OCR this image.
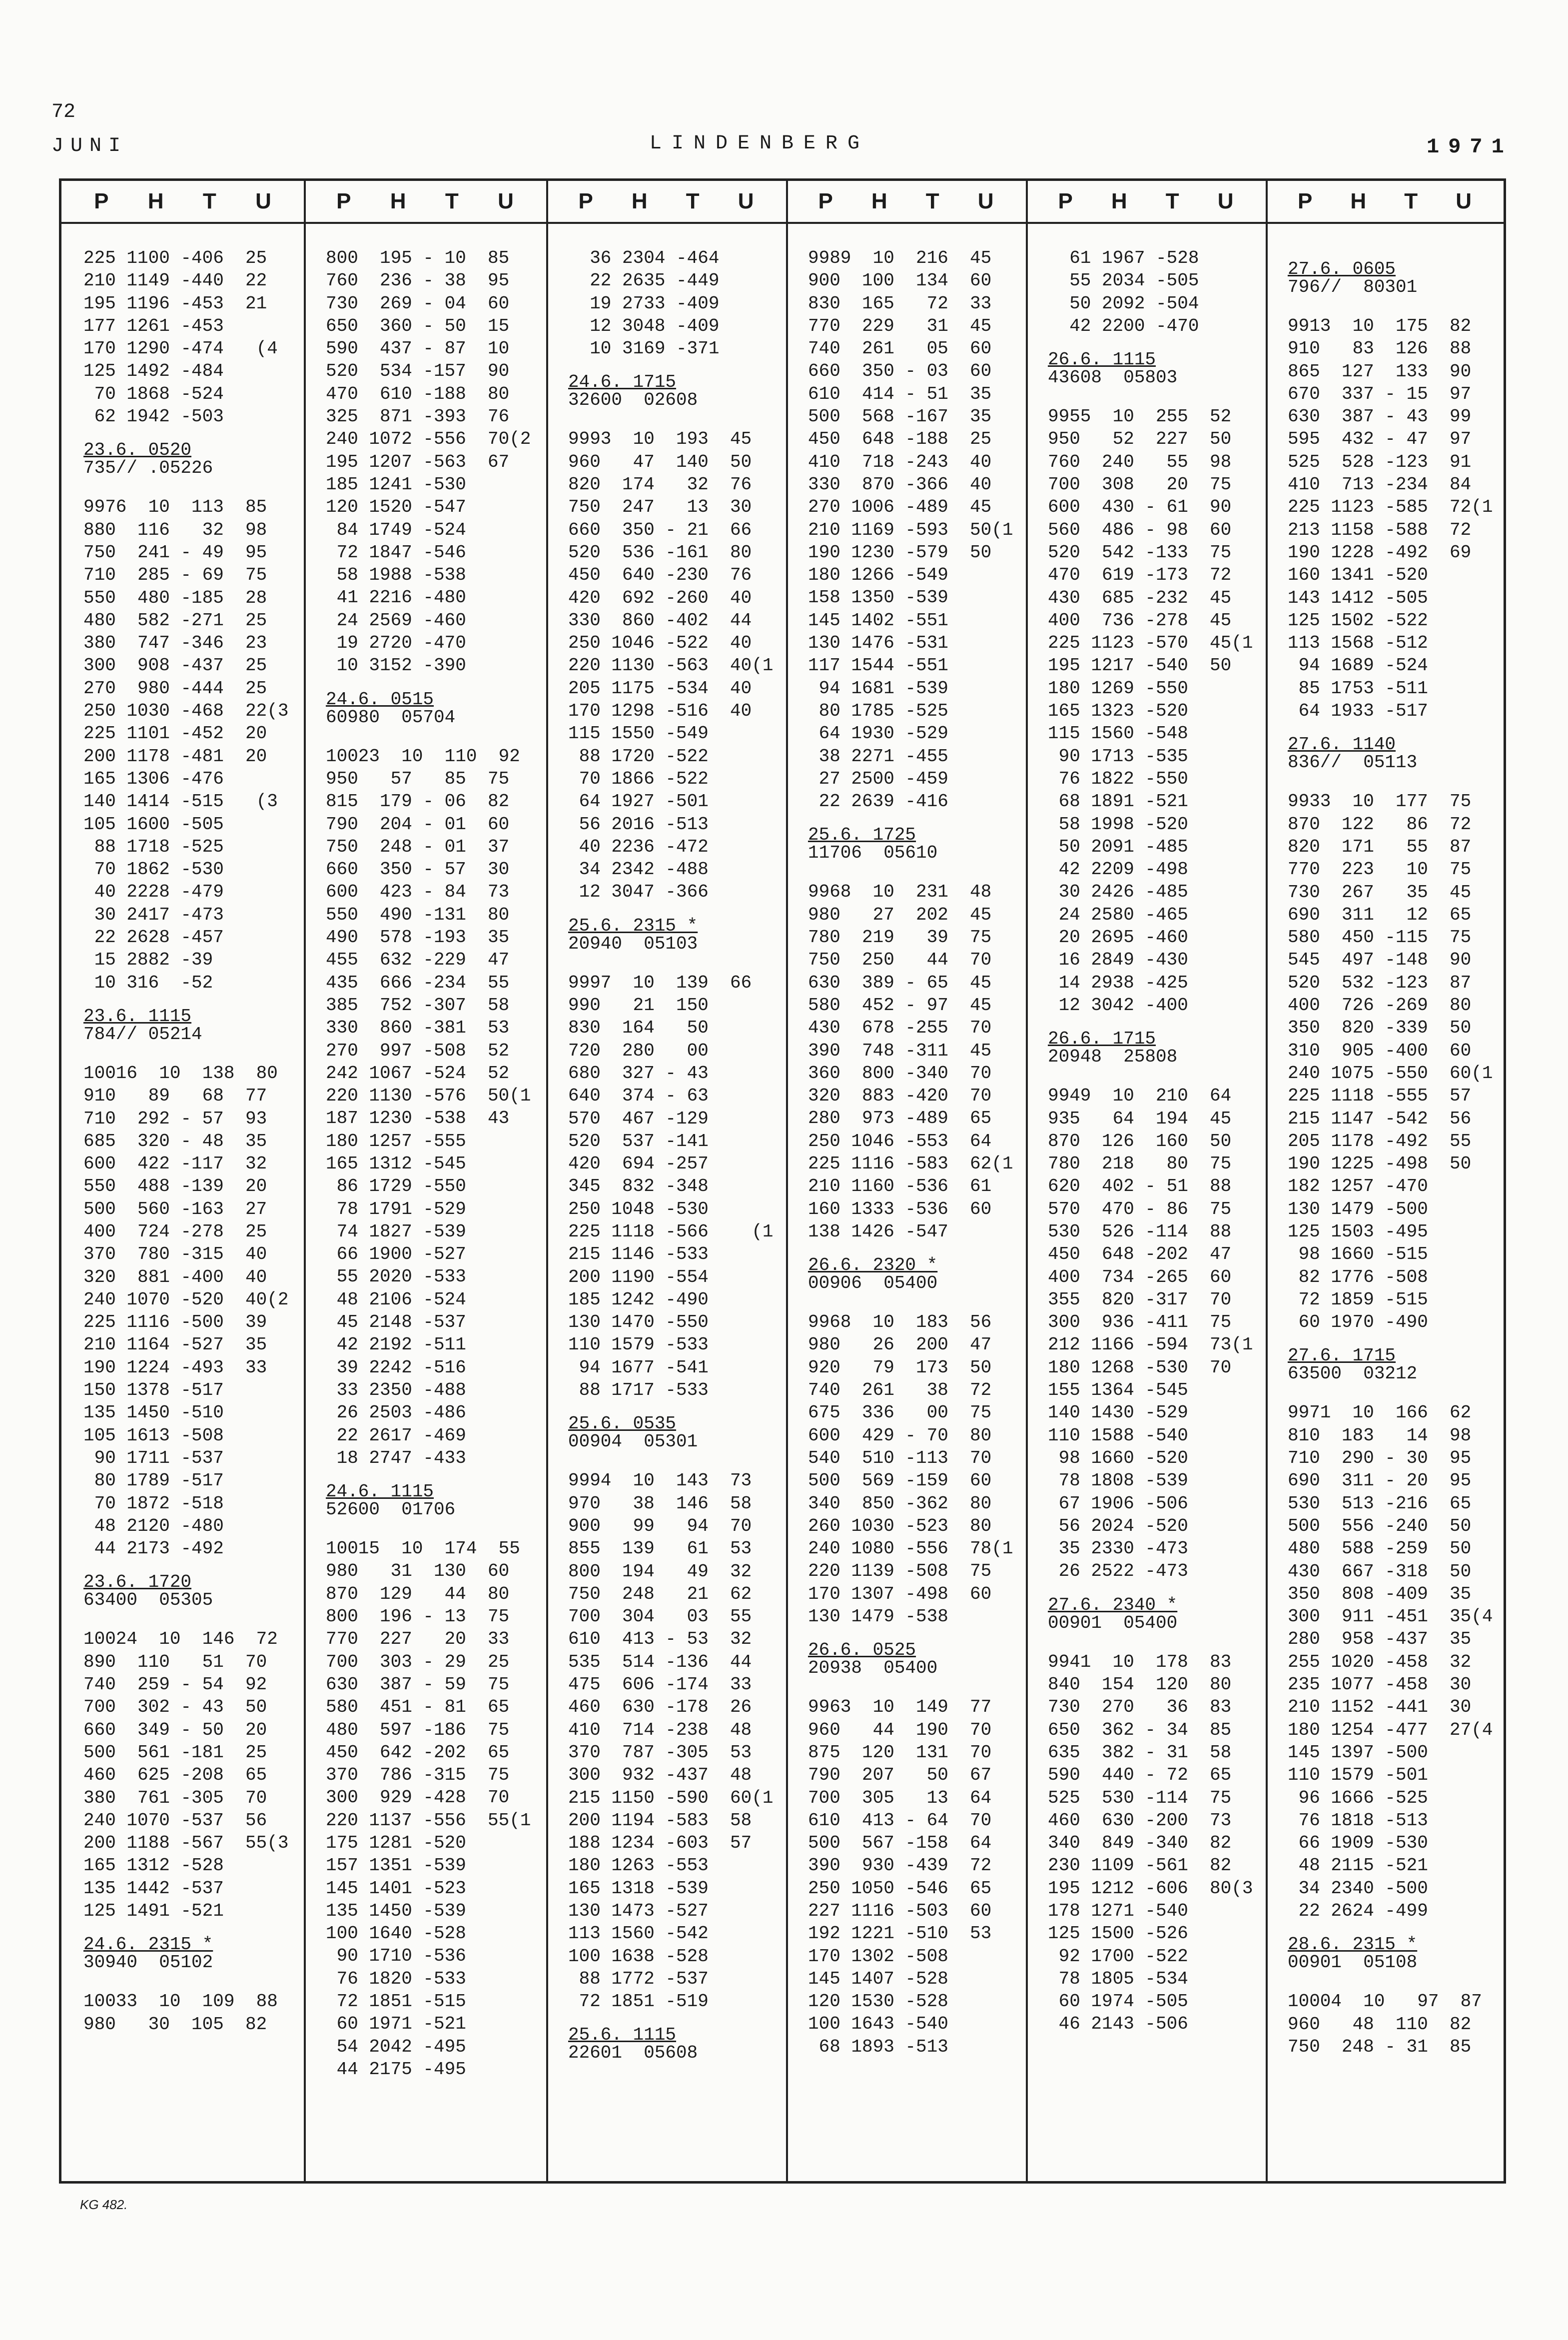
72
JUNI	LINDENBERG	1971
P H T U
225 1100 -406  25
210 1149 -440  22
195 1196 -453  21
177 1261 -453
170 1290 -474   (4
125 1492 -484
70 1868 -524
62 1942 -503
23.6. 0520
735// .05226
9976  10  113  85
880  116   32  98
750  241 - 49  95
710  285 - 69  75
550  480 -185  28
480  582 -271  25
380  747 -346  23
300  908 -437  25
270  980 -444  25
250 1030 -468  22(3
225 1101 -452  20
200 1178 -481  20
165 1306 -476
140 1414 -515   (3
105 1600 -505
88 1718 -525
70 1862 -530
40 2228 -479
30 2417 -473
22 2628 -457
15 2882 -39
10 316  -52
23.6. 1115
784// 05214
10016  10  138  80
910   89   68  77
710  292 - 57  93
685  320 - 48  35
600  422 -117  32
550  488 -139  20
500  560 -163  27
400  724 -278  25
370  780 -315  40
320  881 -400  40
240 1070 -520  40(2
225 1116 -500  39
210 1164 -527  35
190 1224 -493  33
150 1378 -517
135 1450 -510
105 1613 -508
90 1711 -537
80 1789 -517
70 1872 -518
48 2120 -480
44 2173 -492
23.6. 1720
63400  05305
10024  10  146  72
890  110   51  70
740  259 - 54  92
700  302 - 43  50
660  349 - 50  20
500  561 -181  25
460  625 -208  65
380  761 -305  70
240 1070 -537  56
200 1188 -567  55(3
165 1312 -528
135 1442 -537
125 1491 -521
24.6. 2315 *
30940  05102
10033  10  109  88
980   30  105  82
P H T U
800  195 - 10  85
760  236 - 38  95
730  269 - 04  60
650  360 - 50  15
590  437 - 87  10
520  534 -157  90
470  610 -188  80
325  871 -393  76
240 1072 -556  70(2
195 1207 -563  67
185 1241 -530
120 1520 -547
84 1749 -524
72 1847 -546
58 1988 -538
41 2216 -480
24 2569 -460
19 2720 -470
10 3152 -390
24.6. 0515
60980  05704
10023  10  110  92
950   57   85  75
815  179 - 06  82
790  204 - 01  60
750  248 - 01  37
660  350 - 57  30
600  423 - 84  73
550  490 -131  80
490  578 -193  35
455  632 -229  47
435  666 -234  55
385  752 -307  58
330  860 -381  53
270  997 -508  52
242 1067 -524  52
220 1130 -576  50(1
187 1230 -538  43
180 1257 -555
165 1312 -545
86 1729 -550
78 1791 -529
74 1827 -539
66 1900 -527
55 2020 -533
48 2106 -524
45 2148 -537
42 2192 -511
39 2242 -516
33 2350 -488
26 2503 -486
22 2617 -469
18 2747 -433
24.6. 1115
52600  01706
10015  10  174  55
980   31  130  60
870  129   44  80
800  196 - 13  75
770  227   20  33
700  303 - 29  25
630  387 - 59  75
580  451 - 81  65
480  597 -186  75
450  642 -202  65
370  786 -315  75
300  929 -428  70
220 1137 -556  55(1
175 1281 -520
157 1351 -539
145 1401 -523
135 1450 -539
100 1640 -528
90 1710 -536
76 1820 -533
72 1851 -515
60 1971 -521
54 2042 -495
44 2175 -495
P H T U
36 2304 -464
22 2635 -449
19 2733 -409
12 3048 -409
10 3169 -371
24.6. 1715
32600  02608
9993  10  193  45
960   47  140  50
820  174   32  76
750  247   13  30
660  350 - 21  66
520  536 -161  80
450  640 -230  76
420  692 -260  40
330  860 -402  44
250 1046 -522  40
220 1130 -563  40(1
205 1175 -534  40
170 1298 -516  40
115 1550 -549
88 1720 -522
70 1866 -522
64 1927 -501
56 2016 -513
40 2236 -472
34 2342 -488
12 3047 -366
25.6. 2315 *
20940  05103
9997  10  139  66
990   21  150
830  164   50
720  280   00
680  327 - 43
640  374 - 63
570  467 -129
520  537 -141
420  694 -257
345  832 -348
250 1048 -530
225 1118 -566    (1
215 1146 -533
200 1190 -554
185 1242 -490
130 1470 -550
110 1579 -533
94 1677 -541
88 1717 -533
25.6. 0535
00904  05301
9994  10  143  73
970   38  146  58
900   99   94  70
855  139   61  53
800  194   49  32
750  248   21  62
700  304   03  55
610  413 - 53  32
535  514 -136  44
475  606 -174  33
460  630 -178  26
410  714 -238  48
370  787 -305  53
300  932 -437  48
215 1150 -590  60(1
200 1194 -583  58
188 1234 -603  57
180 1263 -553
165 1318 -539
130 1473 -527
113 1560 -542
100 1638 -528
88 1772 -537
72 1851 -519
25.6. 1115
22601  05608
P H T U
9989  10  216  45
900  100  134  60
830  165   72  33
770  229   31  45
740  261   05  60
660  350 - 03  60
610  414 - 51  35
500  568 -167  35
450  648 -188  25
410  718 -243  40
330  870 -366  40
270 1006 -489  45
210 1169 -593  50(1
190 1230 -579  50
180 1266 -549
158 1350 -539
145 1402 -551
130 1476 -531
117 1544 -551
94 1681 -539
80 1785 -525
64 1930 -529
38 2271 -455
27 2500 -459
22 2639 -416
25.6. 1725
11706  05610
9968  10  231  48
980   27  202  45
780  219   39  75
750  250   44  70
630  389 - 65  45
580  452 - 97  45
430  678 -255  70
390  748 -311  45
360  800 -340  70
320  883 -420  70
280  973 -489  65
250 1046 -553  64
225 1116 -583  62(1
210 1160 -536  61
160 1333 -536  60
138 1426 -547
26.6. 2320 *
00906  05400
9968  10  183  56
980   26  200  47
920   79  173  50
740  261   38  72
675  336   00  75
600  429 - 70  80
540  510 -113  70
500  569 -159  60
340  850 -362  80
260 1030 -523  80
240 1080 -556  78(1
220 1139 -508  75
170 1307 -498  60
130 1479 -538
26.6. 0525
20938  05400
9963  10  149  77
960   44  190  70
875  120  131  70
790  207   50  67
700  305   13  64
610  413 - 64  70
500  567 -158  64
390  930 -439  72
250 1050 -546  65
227 1116 -503  60
192 1221 -510  53
170 1302 -508
145 1407 -528
120 1530 -528
100 1643 -540
68 1893 -513
P H T U
61 1967 -528
55 2034 -505
50 2092 -504
42 2200 -470
26.6. 1115
43608  05803
9955  10  255  52
950   52  227  50
760  240   55  98
700  308   20  75
600  430 - 61  90
560  486 - 98  60
520  542 -133  75
470  619 -173  72
430  685 -232  45
400  736 -278  45
225 1123 -570  45(1
195 1217 -540  50
180 1269 -550
165 1323 -520
115 1560 -548
90 1713 -535
76 1822 -550
68 1891 -521
58 1998 -520
50 2091 -485
42 2209 -498
30 2426 -485
24 2580 -465
20 2695 -460
16 2849 -430
14 2938 -425
12 3042 -400
26.6. 1715
20948  25808
9949  10  210  64
935   64  194  45
870  126  160  50
780  218   80  75
620  402 - 51  88
570  470 - 86  75
530  526 -114  88
450  648 -202  47
400  734 -265  60
355  820 -317  70
300  936 -411  75
212 1166 -594  73(1
180 1268 -530  70
155 1364 -545
140 1430 -529
110 1588 -540
98 1660 -520
78 1808 -539
67 1906 -506
56 2024 -520
35 2330 -473
26 2522 -473
27.6. 2340 *
00901  05400
9941  10  178  83
840  154  120  80
730  270   36  83
650  362 - 34  85
635  382 - 31  58
590  440 - 72  65
525  530 -114  75
460  630 -200  73
340  849 -340  82
230 1109 -561  82
195 1212 -606  80(3
178 1271 -540
125 1500 -526
92 1700 -522
78 1805 -534
60 1974 -505
46 2143 -506
P H T U
27.6. 0605
796//  80301
9913  10  175  82
910   83  126  88
865  127  133  90
670  337 - 15  97
630  387 - 43  99
595  432 - 47  97
525  528 -123  91
410  713 -234  84
225 1123 -585  72(1
213 1158 -588  72
190 1228 -492  69
160 1341 -520
143 1412 -505
125 1502 -522
113 1568 -512
94 1689 -524
85 1753 -511
64 1933 -517
27.6. 1140
836//  05113
9933  10  177  75
870  122   86  72
820  171   55  87
770  223   10  75
730  267   35  45
690  311   12  65
580  450 -115  75
545  497 -148  90
520  532 -123  87
400  726 -269  80
350  820 -339  50
310  905 -400  60
240 1075 -550  60(1
225 1118 -555  57
215 1147 -542  56
205 1178 -492  55
190 1225 -498  50
182 1257 -470
130 1479 -500
125 1503 -495
98 1660 -515
82 1776 -508
72 1859 -515
60 1970 -490
27.6. 1715
63500  03212
9971  10  166  62
810  183   14  98
710  290 - 30  95
690  311 - 20  95
530  513 -216  65
500  556 -240  50
480  588 -259  50
430  667 -318  50
350  808 -409  35
300  911 -451  35(4
280  958 -437  35
255 1020 -458  32
235 1077 -458  30
210 1152 -441  30
180 1254 -477  27(4
145 1397 -500
110 1579 -501
96 1666 -525
76 1818 -513
66 1909 -530
48 2115 -521
34 2340 -500
22 2624 -499
28.6. 2315 *
00901  05108
10004  10   97  87
960   48  110  82
750  248 - 31  85
KG 482.
